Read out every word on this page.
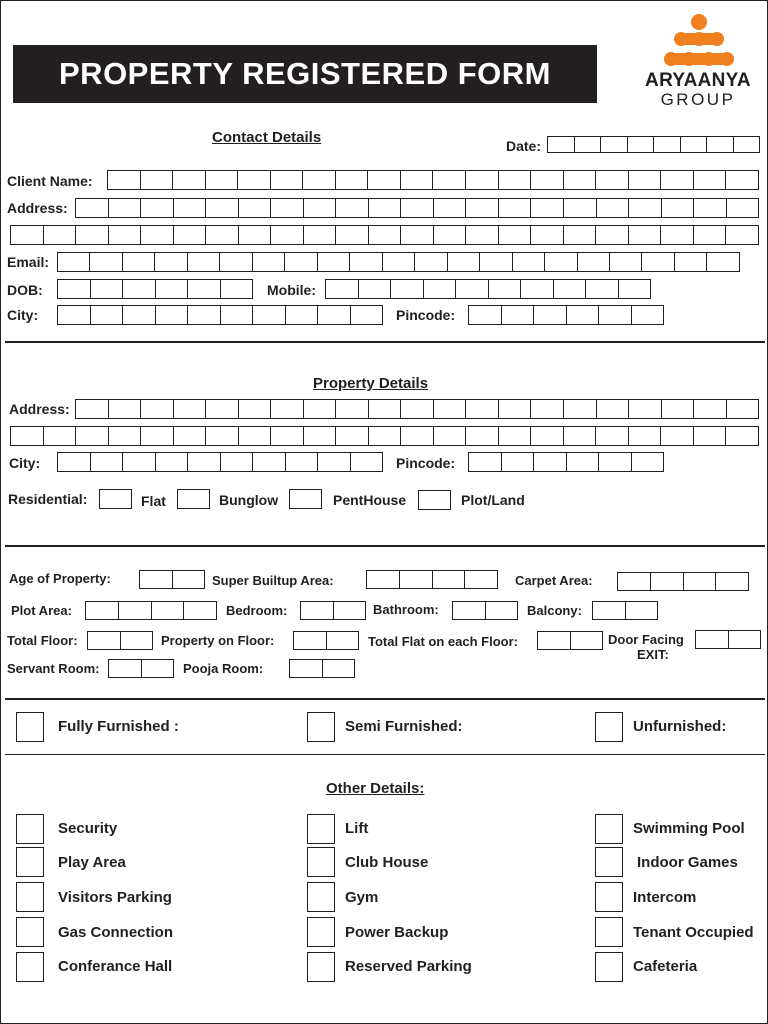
PROPERTY REGISTERED FORM	ARYAANYA
GROUP
Contact Details	Date:
Client Name:
Address:
Email:
DOB:	Mobile:
City:	Pincode:
Property Details
Address:
City:	Pincode:
Residential:	Flat	Bunglow	PentHouse	Plot/Land
Age of Property:	Super Builtup Area:	Carpet Area:
Plot Area:	Bedroom:	Bathroom:	Balcony:
Total Floor:	Property on Floor:	Total Flat on each Floor:	Door Facing
EXIT:
Servant Room:	Pooja Room:
Fully Furnished :	Semi Furnished:	Unfurnished:
Other Details:
Security	Lift	Swimming Pool
Play Area	Club House	Indoor Games
Visitors Parking	Gym	Intercom
Gas Connection	Power Backup	Tenant Occupied
Conferance Hall	Reserved Parking	Cafeteria
